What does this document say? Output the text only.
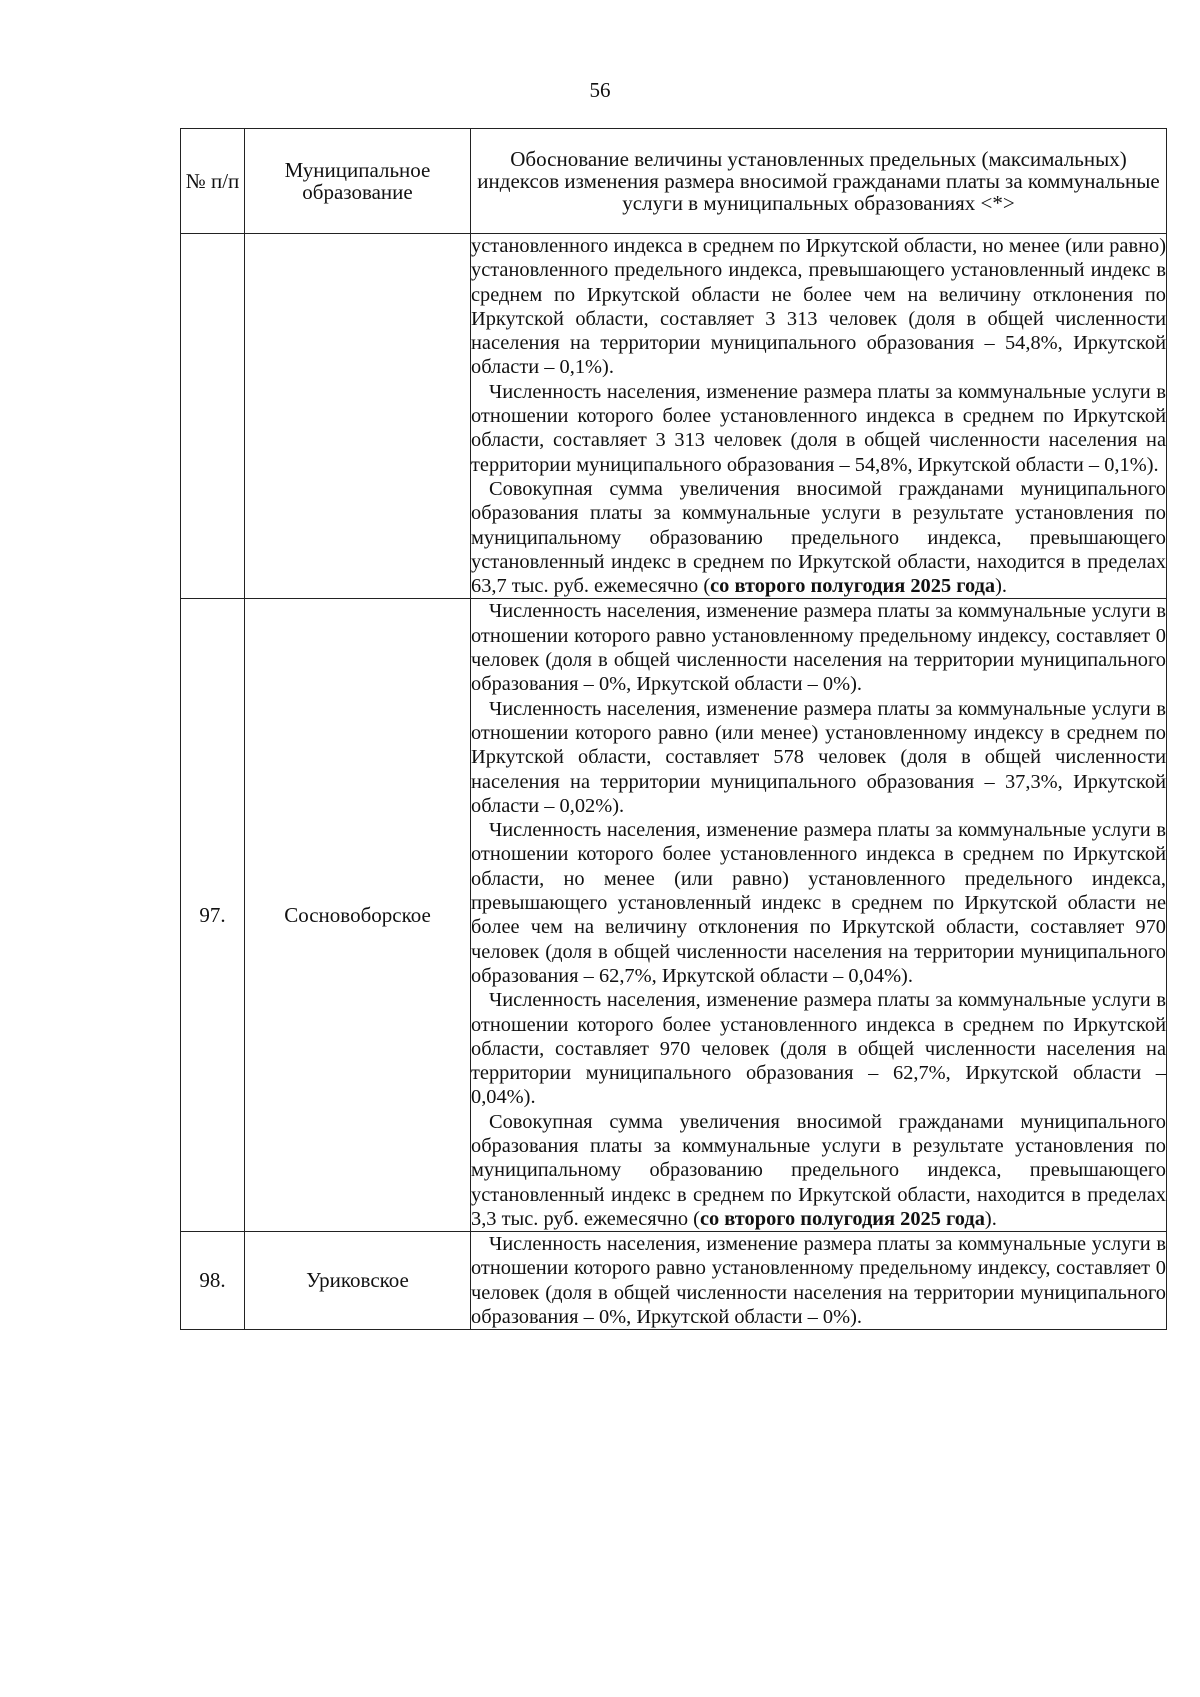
56
№ п/п	Муниципальное образование	Обоснование величины установленных предельных (максимальных) индексов изменения размера вносимой гражданами платы за коммунальные услуги в муниципальных образованиях <*>

		установленного индекса в среднем по Иркутской области, но менее (или равно) установленного предельного индекса, превышающего установленный индекс в среднем по Иркутской области не более чем на величину отклонения по Иркутской области, составляет 3 313 человек (доля в общей численности населения на территории муниципального образования – 54,8%, Иркутской области – 0,1%).

Численность населения, изменение размера платы за коммунальные услуги в отношении которого более установленного индекса в среднем по Иркутской области, составляет 3 313 человек (доля в общей численности населения на территории муниципального образования – 54,8%, Иркутской области – 0,1%).

Совокупная сумма увеличения вносимой гражданами муниципального образования платы за коммунальные услуги в результате установления по муниципальному образованию предельного индекса, превышающего установленный индекс в среднем по Иркутской области, находится в пределах 63,7 тыс. руб. ежемесячно (со второго полугодия 2025 года).

97.	Сосновоборское	Численность населения, изменение размера платы за коммунальные услуги в отношении которого равно установленному предельному индексу, составляет 0 человек (доля в общей численности населения на территории муниципального образования – 0%, Иркутской области – 0%).

Численность населения, изменение размера платы за коммунальные услуги в отношении которого равно (или менее) установленному индексу в среднем по Иркутской области, составляет 578 человек (доля в общей численности населения на территории муниципального образования – 37,3%, Иркутской области – 0,02%).

Численность населения, изменение размера платы за коммунальные услуги в отношении которого более установленного индекса в среднем по Иркутской области, но менее (или равно) установленного предельного индекса, превышающего установленный индекс в среднем по Иркутской области не более чем на величину отклонения по Иркутской области, составляет 970 человек (доля в общей численности населения на территории муниципального образования – 62,7%, Иркутской области – 0,04%).

Численность населения, изменение размера платы за коммунальные услуги в отношении которого более установленного индекса в среднем по Иркутской области, составляет 970 человек (доля в общей численности населения на территории муниципального образования – 62,7%, Иркутской области – 0,04%).

Совокупная сумма увеличения вносимой гражданами муниципального образования платы за коммунальные услуги в результате установления по муниципальному образованию предельного индекса, превышающего установленный индекс в среднем по Иркутской области, находится в пределах 3,3 тыс. руб. ежемесячно (со второго полугодия 2025 года).

98.	Уриковское	Численность населения, изменение размера платы за коммунальные услуги в отношении которого равно установленному предельному индексу, составляет 0 человек (доля в общей численности населения на территории муниципального образования – 0%, Иркутской области – 0%).
